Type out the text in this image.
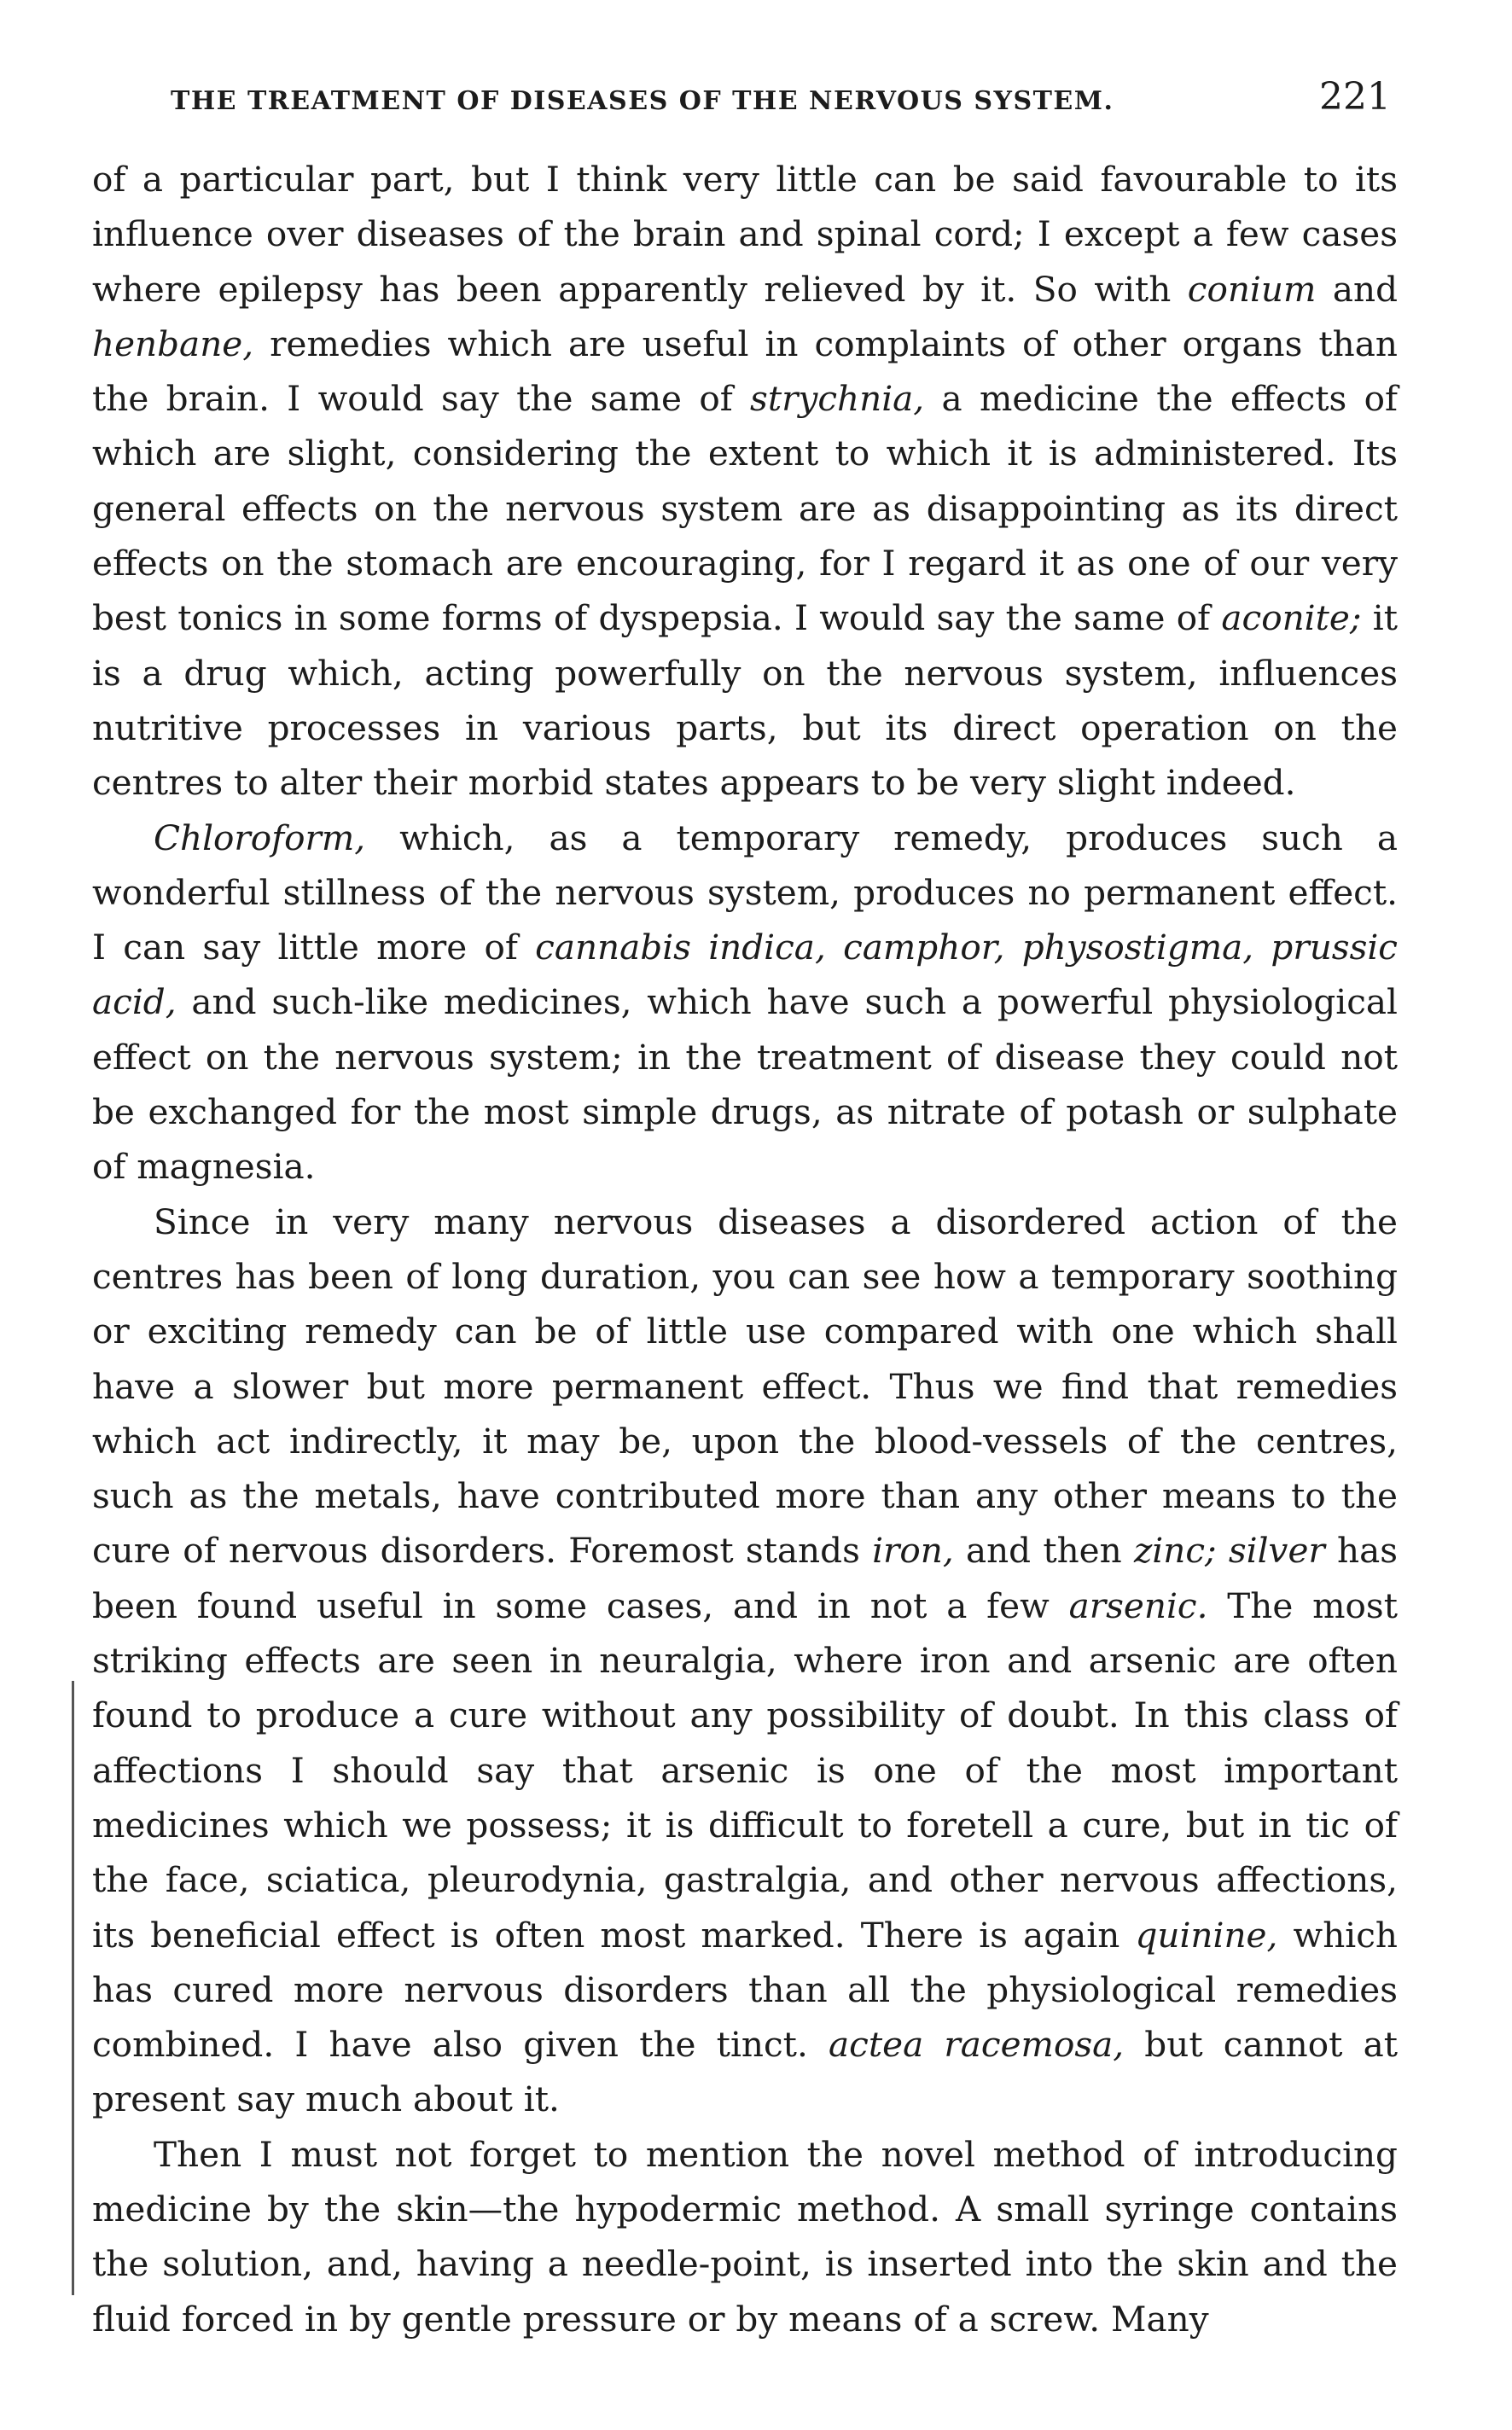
THE TREATMENT OF DISEASES OF THE NERVOUS SYSTEM.	221

of a particular part, but I think very little can be said favourable to its influence over diseases of the brain and spinal cord; I except a few cases where epilepsy has been apparently relieved by it. So with conium and henbane, remedies which are useful in complaints of other organs than the brain. I would say the same of strychnia, a medicine the effects of which are slight, considering the extent to which it is administered. Its general effects on the nervous system are as disappointing as its direct effects on the stomach are encouraging, for I regard it as one of our very best tonics in some forms of dyspepsia. I would say the same of aconite; it is a drug which, acting powerfully on the nervous system, influences nutritive processes in various parts, but its direct operation on the centres to alter their morbid states appears to be very slight indeed.

Chloroform, which, as a temporary remedy, produces such a wonderful stillness of the nervous system, produces no permanent effect. I can say little more of cannabis indica, camphor, physostigma, prussic acid, and such-like medicines, which have such a powerful physiological effect on the nervous system; in the treatment of disease they could not be exchanged for the most simple drugs, as nitrate of potash or sulphate of magnesia.

Since in very many nervous diseases a disordered action of the centres has been of long duration, you can see how a temporary soothing or exciting remedy can be of little use compared with one which shall have a slower but more permanent effect. Thus we find that remedies which act indirectly, it may be, upon the blood-vessels of the centres, such as the metals, have contributed more than any other means to the cure of nervous disorders. Foremost stands iron, and then zinc; silver has been found useful in some cases, and in not a few arsenic. The most striking effects are seen in neuralgia, where iron and arsenic are often found to produce a cure without any possibility of doubt. In this class of affections I should say that arsenic is one of the most important medicines which we possess; it is difficult to foretell a cure, but in tic of the face, sciatica, pleurodynia, gastralgia, and other nervous affections, its beneficial effect is often most marked. There is again quinine, which has cured more nervous disorders than all the physiological remedies combined. I have also given the tinct. actea racemosa, but cannot at present say much about it.

Then I must not forget to mention the novel method of introducing medicine by the skin—the hypodermic method. A small syringe contains the solution, and, having a needle-point, is inserted into the skin and the fluid forced in by gentle pressure or by means of a screw. Many
